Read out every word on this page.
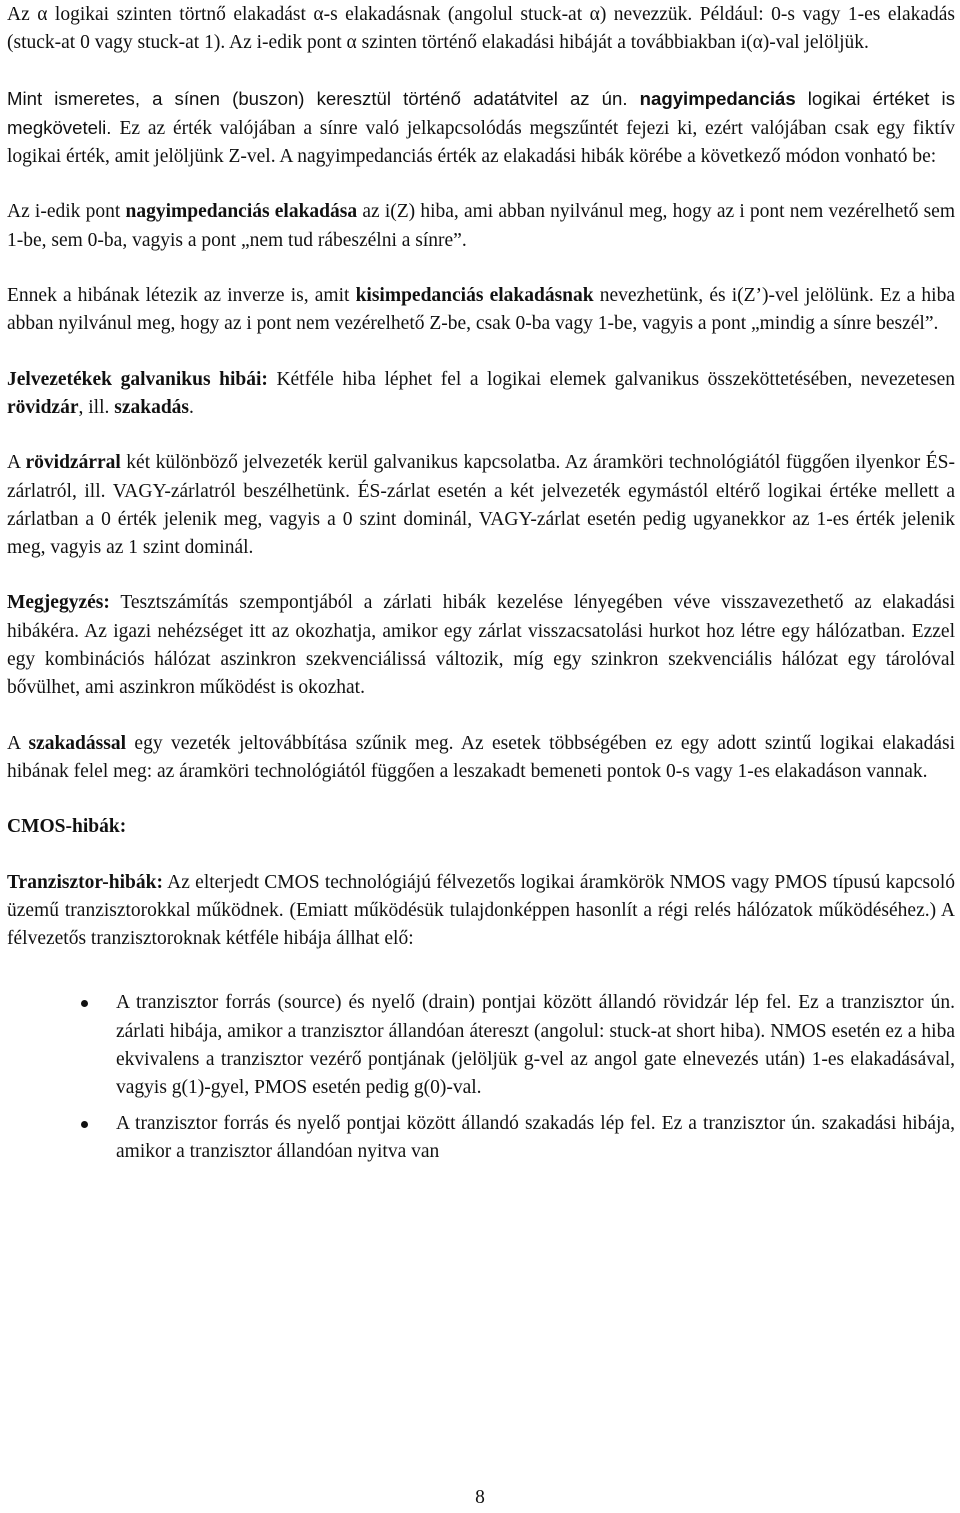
Az α logikai szinten törtnő elakadást α-s elakadásnak (angolul stuck-at α) nevezzük. Például: 0-s vagy 1-es elakadás (stuck-at 0 vagy stuck-at 1). Az i-edik pont α szinten történő elakadási hibáját a továbbiakban i(α)-val jelöljük.

Mint ismeretes, a sínen (buszon) keresztül történő adatátvitel az ún. nagyimpedanciás logikai értéket is megköveteli. Ez az érték valójában a sínre való jelkapcsolódás megszűntét fejezi ki, ezért valójában csak egy fiktív logikai érték, amit jelöljünk Z-vel. A nagyimpedanciás érték az elakadási hibák körébe a következő módon vonható be:

Az i-edik pont nagyimpedanciás elakadása az i(Z) hiba, ami abban nyilvánul meg, hogy az i pont nem vezérelhető sem 1-be, sem 0-ba, vagyis a pont „nem tud rábeszélni a sínre”.

Ennek a hibának létezik az inverze is, amit kisimpedanciás elakadásnak nevezhetünk, és i(Z’)-vel jelölünk. Ez a hiba abban nyilvánul meg, hogy az i pont nem vezérelhető Z-be, csak 0-ba vagy 1-be, vagyis a pont „mindig a sínre beszél”.

Jelvezetékek galvanikus hibái: Kétféle hiba léphet fel a logikai elemek galvanikus összeköttetésében, nevezetesen rövidzár, ill. szakadás.

A rövidzárral két különböző jelvezeték kerül galvanikus kapcsolatba. Az áramköri technológiától függően ilyenkor ÉS-zárlatról, ill. VAGY-zárlatról beszélhetünk. ÉS-zárlat esetén a két jelvezeték egymástól eltérő logikai értéke mellett a zárlatban a 0 érték jelenik meg, vagyis a 0 szint dominál, VAGY-zárlat esetén pedig ugyanekkor az 1-es érték jelenik meg, vagyis az 1 szint dominál.

Megjegyzés: Tesztszámítás szempontjából a zárlati hibák kezelése lényegében véve visszavezethető az elakadási hibákéra. Az igazi nehézséget itt az okozhatja, amikor egy zárlat visszacsatolási hurkot hoz létre egy hálózatban. Ezzel egy kombinációs hálózat aszinkron szekvenciálissá változik, míg egy szinkron szekvenciális hálózat egy tárolóval bővülhet, ami aszinkron működést is okozhat.

A szakadással egy vezeték jeltovábbítása szűnik meg. Az esetek többségében ez egy adott szintű logikai elakadási hibának felel meg: az áramköri technológiától függően a leszakadt bemeneti pontok 0-s vagy 1-es elakadáson vannak.

CMOS-hibák:

Tranzisztor-hibák: Az elterjedt CMOS technológiájú félvezetős logikai áramkörök NMOS vagy PMOS típusú kapcsoló üzemű tranzisztorokkal működnek. (Emiatt működésük tulajdonképpen hasonlít a régi relés hálózatok működéséhez.) A félvezetős tranzisztoroknak kétféle hibája állhat elő:

A tranzisztor forrás (source) és nyelő (drain) pontjai között állandó rövidzár lép fel. Ez a tranzisztor ún. zárlati hibája, amikor a tranzisztor állandóan átereszt (angolul: stuck-at short hiba). NMOS esetén ez a hiba ekvivalens a tranzisztor vezérő pontjának (jelöljük g-vel az angol gate elnevezés után) 1-es elakadásával, vagyis g(1)-gyel, PMOS esetén pedig g(0)-val.
A tranzisztor forrás és nyelő pontjai között állandó szakadás lép fel. Ez a tranzisztor ún. szakadási hibája, amikor a tranzisztor állandóan nyitva van
8
